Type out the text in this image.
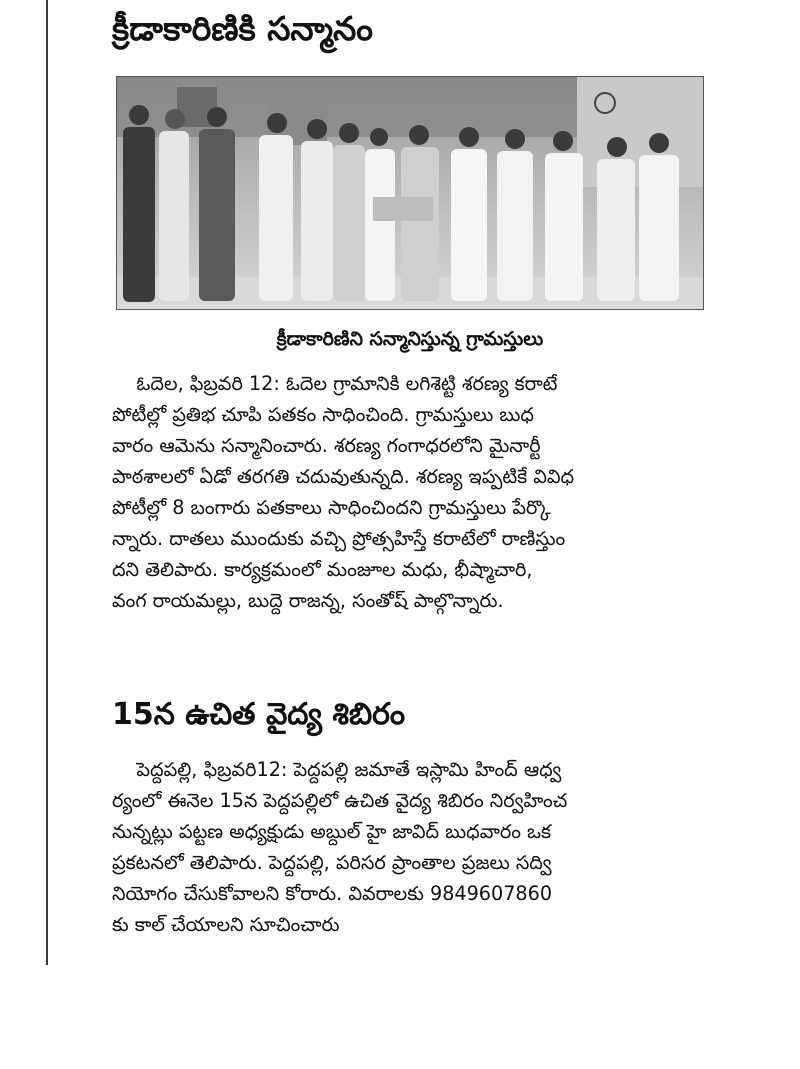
క్రీడాకారిణికి సన్మానం
క్రీడాకారిణిని సన్మానిస్తున్న గ్రామస్తులు
ఓదెల, ఫిబ్రవరి 12: ఓదెల గ్రామానికి లగిశెట్టి శరణ్య కరాటే
పోటీల్లో ప్రతిభ చూపి పతకం సాధించింది. గ్రామస్తులు బుధ
వారం ఆమెను సన్మానించారు. శరణ్య గంగాధరలోని మైనార్టీ
పాఠశాలలో ఏడో తరగతి చదువుతున్నది. శరణ్య ఇప్పటికే వివిధ
పోటీల్లో 8 బంగారు పతకాలు సాధించిందని గ్రామస్తులు పేర్కొ
న్నారు. దాతలు ముందుకు వచ్చి ప్రోత్సహిస్తే కరాటేలో రాణిస్తుం
దని తెలిపారు. కార్యక్రమంలో మంజూల మధు, భీష్మాచారి,
వంగ రాయమల్లు, బుద్దె రాజన్న, సంతోష్ పాల్గొన్నారు.
15న ఉచిత వైద్య శిబిరం
పెద్దపల్లి, ఫిబ్రవరి12: పెద్దపల్లి జమాతే ఇస్లామి హింద్ ఆధ్వ
ర్యంలో ఈనెల 15న పెద్దపల్లిలో ఉచిత వైద్య శిబిరం నిర్వహించ
నున్నట్లు పట్టణ అధ్యక్షుడు అబ్దుల్ హై జావిద్ బుధవారం ఒక
ప్రకటనలో తెలిపారు. పెద్దపల్లి, పరిసర ప్రాంతాల ప్రజలు సద్వి
నియోగం చేసుకోవాలని కోరారు. వివరాలకు 9849607860
కు కాల్ చేయాలని సూచించారు
